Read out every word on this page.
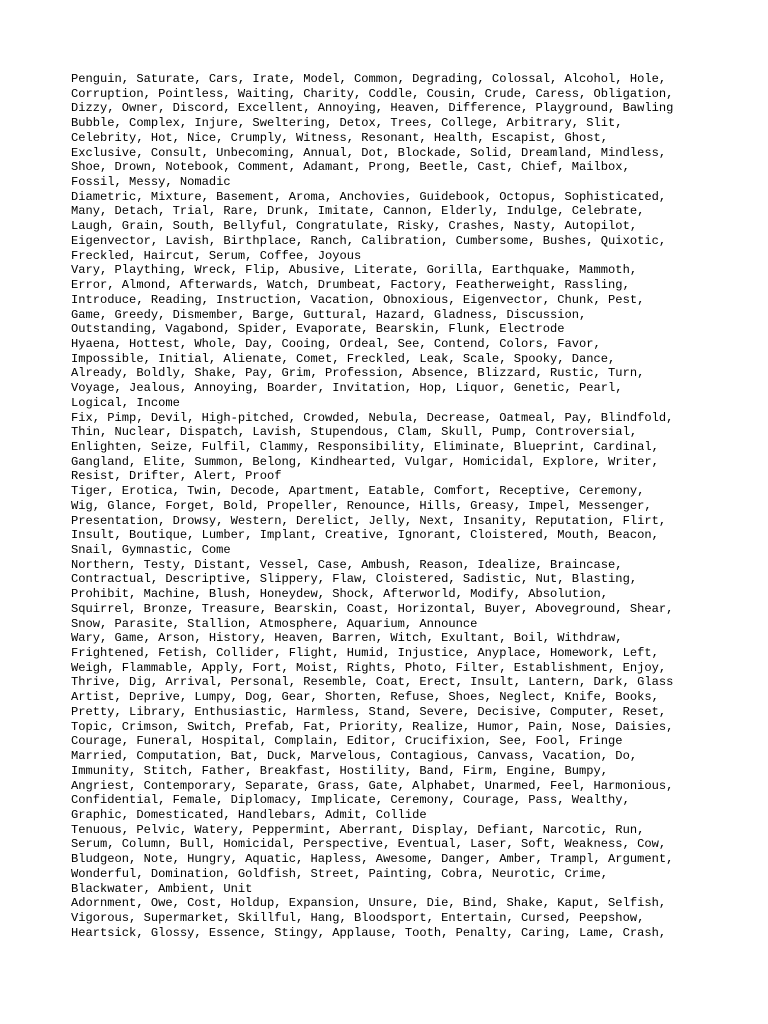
Penguin, Saturate, Cars, Irate, Model, Common, Degrading, Colossal, Alcohol, Hole,
Corruption, Pointless, Waiting, Charity, Coddle, Cousin, Crude, Caress, Obligation,
Dizzy, Owner, Discord, Excellent, Annoying, Heaven, Difference, Playground, Bawling
Bubble, Complex, Injure, Sweltering, Detox, Trees, College, Arbitrary, Slit,
Celebrity, Hot, Nice, Crumply, Witness, Resonant, Health, Escapist, Ghost,
Exclusive, Consult, Unbecoming, Annual, Dot, Blockade, Solid, Dreamland, Mindless,
Shoe, Drown, Notebook, Comment, Adamant, Prong, Beetle, Cast, Chief, Mailbox,
Fossil, Messy, Nomadic
Diametric, Mixture, Basement, Aroma, Anchovies, Guidebook, Octopus, Sophisticated,
Many, Detach, Trial, Rare, Drunk, Imitate, Cannon, Elderly, Indulge, Celebrate,
Laugh, Grain, South, Bellyful, Congratulate, Risky, Crashes, Nasty, Autopilot,
Eigenvector, Lavish, Birthplace, Ranch, Calibration, Cumbersome, Bushes, Quixotic,
Freckled, Haircut, Serum, Coffee, Joyous
Vary, Plaything, Wreck, Flip, Abusive, Literate, Gorilla, Earthquake, Mammoth,
Error, Almond, Afterwards, Watch, Drumbeat, Factory, Featherweight, Rassling,
Introduce, Reading, Instruction, Vacation, Obnoxious, Eigenvector, Chunk, Pest,
Game, Greedy, Dismember, Barge, Guttural, Hazard, Gladness, Discussion,
Outstanding, Vagabond, Spider, Evaporate, Bearskin, Flunk, Electrode
Hyaena, Hottest, Whole, Day, Cooing, Ordeal, See, Contend, Colors, Favor,
Impossible, Initial, Alienate, Comet, Freckled, Leak, Scale, Spooky, Dance,
Already, Boldly, Shake, Pay, Grim, Profession, Absence, Blizzard, Rustic, Turn,
Voyage, Jealous, Annoying, Boarder, Invitation, Hop, Liquor, Genetic, Pearl,
Logical, Income
Fix, Pimp, Devil, High-pitched, Crowded, Nebula, Decrease, Oatmeal, Pay, Blindfold,
Thin, Nuclear, Dispatch, Lavish, Stupendous, Clam, Skull, Pump, Controversial,
Enlighten, Seize, Fulfil, Clammy, Responsibility, Eliminate, Blueprint, Cardinal,
Gangland, Elite, Summon, Belong, Kindhearted, Vulgar, Homicidal, Explore, Writer,
Resist, Drifter, Alert, Proof
Tiger, Erotica, Twin, Decode, Apartment, Eatable, Comfort, Receptive, Ceremony,
Wig, Glance, Forget, Bold, Propeller, Renounce, Hills, Greasy, Impel, Messenger,
Presentation, Drowsy, Western, Derelict, Jelly, Next, Insanity, Reputation, Flirt,
Insult, Boutique, Lumber, Implant, Creative, Ignorant, Cloistered, Mouth, Beacon,
Snail, Gymnastic, Come
Northern, Testy, Distant, Vessel, Case, Ambush, Reason, Idealize, Braincase,
Contractual, Descriptive, Slippery, Flaw, Cloistered, Sadistic, Nut, Blasting,
Prohibit, Machine, Blush, Honeydew, Shock, Afterworld, Modify, Absolution,
Squirrel, Bronze, Treasure, Bearskin, Coast, Horizontal, Buyer, Aboveground, Shear,
Snow, Parasite, Stallion, Atmosphere, Aquarium, Announce
Wary, Game, Arson, History, Heaven, Barren, Witch, Exultant, Boil, Withdraw,
Frightened, Fetish, Collider, Flight, Humid, Injustice, Anyplace, Homework, Left,
Weigh, Flammable, Apply, Fort, Moist, Rights, Photo, Filter, Establishment, Enjoy,
Thrive, Dig, Arrival, Personal, Resemble, Coat, Erect, Insult, Lantern, Dark, Glass
Artist, Deprive, Lumpy, Dog, Gear, Shorten, Refuse, Shoes, Neglect, Knife, Books,
Pretty, Library, Enthusiastic, Harmless, Stand, Severe, Decisive, Computer, Reset,
Topic, Crimson, Switch, Prefab, Fat, Priority, Realize, Humor, Pain, Nose, Daisies,
Courage, Funeral, Hospital, Complain, Editor, Crucifixion, See, Fool, Fringe
Married, Computation, Bat, Duck, Marvelous, Contagious, Canvass, Vacation, Do,
Immunity, Stitch, Father, Breakfast, Hostility, Band, Firm, Engine, Bumpy,
Angriest, Contemporary, Separate, Grass, Gate, Alphabet, Unarmed, Feel, Harmonious,
Confidential, Female, Diplomacy, Implicate, Ceremony, Courage, Pass, Wealthy,
Graphic, Domesticated, Handlebars, Admit, Collide
Tenuous, Pelvic, Watery, Peppermint, Aberrant, Display, Defiant, Narcotic, Run,
Serum, Column, Bull, Homicidal, Perspective, Eventual, Laser, Soft, Weakness, Cow,
Bludgeon, Note, Hungry, Aquatic, Hapless, Awesome, Danger, Amber, Trampl, Argument,
Wonderful, Domination, Goldfish, Street, Painting, Cobra, Neurotic, Crime,
Blackwater, Ambient, Unit
Adornment, Owe, Cost, Holdup, Expansion, Unsure, Die, Bind, Shake, Kaput, Selfish,
Vigorous, Supermarket, Skillful, Hang, Bloodsport, Entertain, Cursed, Peepshow,
Heartsick, Glossy, Essence, Stingy, Applause, Tooth, Penalty, Caring, Lame, Crash,
